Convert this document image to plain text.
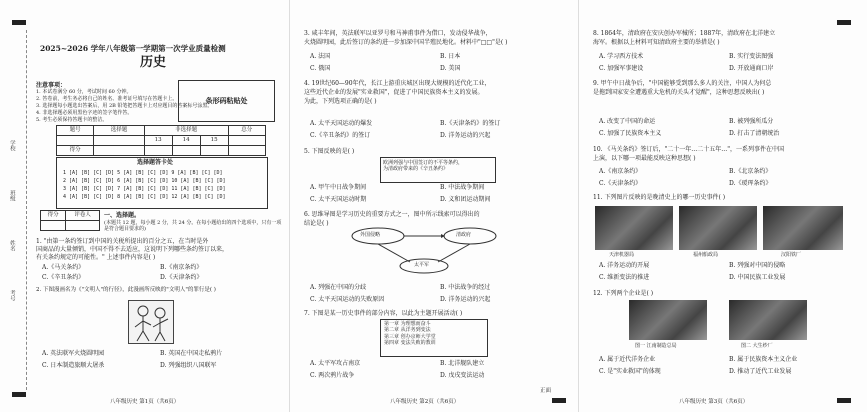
学校
班级
姓名
考号
2025~2026 学年八年级第一学期第一次学业质量检测
历史
注意事项：
1. 本试卷满分 60 分，考试时间 60 分钟。
2. 答卷前，考生务必将自己的姓名、准考证号填写在答题卡上。
3. 选择题每小题选出答案后，用 2B 铅笔把答题卡上对应题目的答案标号涂黑。
4. 非选择题必须用黑色字迹的签字笔作答。
5. 考生必须保持答题卡的整洁。
条形码粘贴处
题号	选择题	非选择题			总分
		13	14	15	
得分					
选择题答卡处
1 [A] [B] [C] [D] 5 [A] [B] [C] [D] 9 [A] [B] [C] [D]
2 [A] [B] [C] [D] 6 [A] [B] [C] [D] 10 [A] [B] [C] [D]
3 [A] [B] [C] [D] 7 [A] [B] [C] [D] 11 [A] [B] [C] [D]
4 [A] [B] [C] [D] 8 [A] [B] [C] [D] 12 [A] [B] [C] [D]
得分	评卷人
	一、选择题。
(本题共 12 题，每小题 2 分，共 24 分。在每小题给出的四个选项中，只有一项是符合题目要求的)
1. "由第一条约签订到中国的关税所提出的百分之五，在当时是外
国商品的大量倾销，中国不得不去适应，这说明下列哪些条约签订以来，
有关条约规定的可能性。" 上述事件内容是( )
A.《马关条约》	B.《南京条约》
C.《辛丑条约》	D.《天津条约》
2. 下图漫画名为《"文明人"的行径》，此漫画所反映的"文明人"的罪行是( )
A. 英法联军火烧圆明园	B. 英国在中国走私鸦片
C. 日本制造旅顺大屠杀	D. 列强组织八国联军
八年级历史 第1页（共6页）
3. 咸丰年间，英法联军以亚罗号和马神甫事件为借口，发动侵华战争，
火烧圆明园，此后签订的条约进一步加深中国半殖民地化。材料中"□□"是( )
A. 法国	B. 日本
C. 俄国	D. 美国
4. 19世纪60—90年代，长江上游重庆城区出现大规模的近代化工业，
这些近代企业的发展"实业救国"，促进了中国民族资本主义的发展。
为此，下列选项正确的是( )
A. 太平天国运动的爆发	B.《天津条约》的签订
C.《辛丑条约》的签订	D. 洋务运动的兴起
5. 下图反映的是( )
欧洲列强与中国签订的不平等条约，
为清政府带来的《辛丑条约》
A. 甲午中日战争期间	B. 中法战争期间
C. 太平天国运动时期	D. 义和团运动期间
6. 思维导图是学习历史的重要方式之一，图中所示线索可以得出的
结论是( )
外国侵略	清政府
太平军
A. 列强在中国的分歧	B. 中法战争的经过
C. 太平天国运动的失败原因	D. 洋务运动的兴起
7. 下图是某一历史事件的部分内容，以此为主题开展活动( )
第一章 为理想而奋斗
第二章 从洋务到变法
第三章 创办京师大学堂
第四章 变法失败的教训
A. 太平军攻占南京	B. 北洋舰队建立
C. 两次鸦片战争	D. 戊戌变法运动
八年级历史 第2页（共6页）
正面
8. 1864年，清政府在安庆创办军械所；1887年，清政府在北洋建立
海军。根据以上材料可知清政府主要的举措是( )
A. 学习西方技术	B. 实行变法图强
C. 加强军事建设	D. 开放通商口岸
9. 甲午中日战争后，"中国能够受到那么多人的关注，中国人为何总
是拖到国家安全遭遇重大危机的关头才觉醒"，这种思想反映出( )
A. 改变了中国的命运	B. 被列强所瓜分
C. 加强了民族资本主义	D. 打击了清朝统治
10. 《马关条约》签订后，"二十一年…二十五年…"，一系列事件在中国
上演，以下哪一项最能反映这种思想( )
A.《南京条约》	B.《北京条约》
C.《天津条约》	D.《瑷珲条约》
11. 下列图片反映的是晚清史上的哪一历史事件( )
天津机器局	福州船政局	汉阳铁厂
A. 洋务运动的开展	B. 列强对中国的侵略
C. 维新变法的推进	D. 中国民族工业发展
12. 下列两个企业是( )
图一 江南制造总局	图二 大生纱厂
A. 属于近代洋务企业	B. 属于民族资本主义企业
C. 是"实业救国"的体现	D. 推动了近代工业发展
八年级历史 第3页（共6页）
